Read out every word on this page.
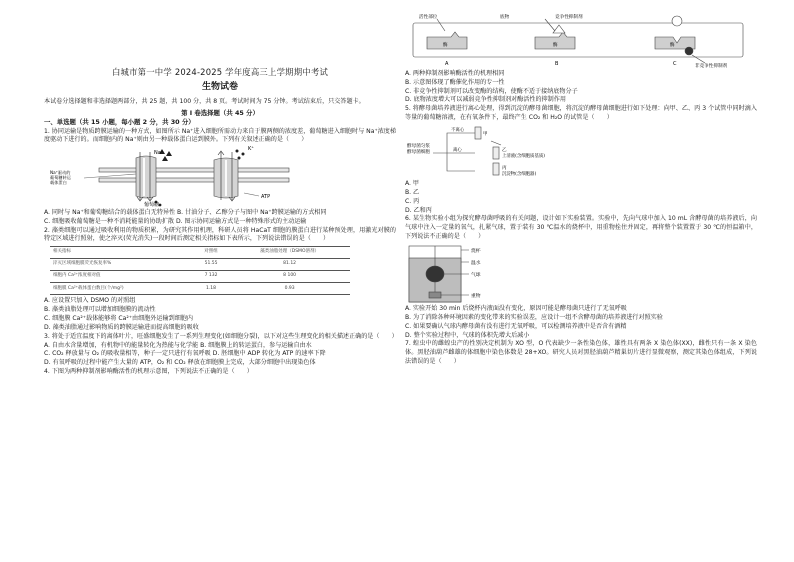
白城市第一中学 2024-2025 学年度高三上学期期中考试
生物试卷
本试卷分选择题和非选择题两部分，共 25 题，共 100 分，共 8 页。考试时间为 75 分钟。考试结束后，只交答题卡。
第 I 卷选择题（共 45 分）
一、单选题（共 15 小题，每小题 2 分，共 30 分）
1. 协同运输是物质跨膜运输的一种方式，如图所示 Na⁺进入细胞所需动力来自于膜两侧的浓度差，葡萄糖进入细胞时与 Na⁺浓度梯度驱动下进行的。而细胞内的 Na⁺则由另一种载体蛋白运到膜外。下列有关叙述正确的是（　　）
Na⁺
葡萄糖
Na⁺驱动的葡萄糖转运载体蛋白
K⁺
ATP
A. 同时与 Na⁺和葡萄糖结合的载体蛋白无特异性 B. 甘油分子、乙醇分子与图中 Na⁺跨膜运输的方式相同
C. 细胞吸收葡萄糖是一种不消耗能量的协助扩散 D. 图示协同运输方式是一种特殊形式的主动运输
2. 藻类细胞可以通过吸收利用的物质积累，为研究其作用机理，科研人员将 HaCaT 细胞的膜蛋白进行某种预处理，用激光对膜的特定区域进行照射，使之淬灭(荧光消失)一段时间后测定相关指标如下表所示，下列说法错误的是（　　）
相关指标	对照组	藻类油脂处理（DSMO溶剂）
淬灭区域细胞膜荧光恢复率%	51.55	81.12
细胞内 Ca²⁺浓度相对值	7 132	8 100
细胞膜 Ca²⁺载体蛋白数目(个/mg²)	1.18	0.93
A. 应设置只加入 DSMO 的对照组
B. 藻类油脂处理可以增加细胞膜的流动性
C. 细胞膜 Ca²⁺载体能够将 Ca²⁺由细胞外运输到细胞内
D. 藻类油脂通过影响物质的跨膜运输进而提高细胞的吸收
3. 将处于适宜温度下的离体叶片，旺盛细胞发生了一系列生理变化(如细胞分裂)，以下对这些生理变化的相关描述正确的是（　　）
A. 自由水含量增加，有机物中的能量转化为热能与化学能 B. 细胞膜上的转运蛋白，参与运输自由水
C. CO₂ 释放量与 O₂ 的吸收量相等，种子一定只进行有氧呼吸 D. 胚细胞中 ADP 转化为 ATP 的速率下降
D. 有氧呼吸的过程中能产生大量的 ATP，O₂ 和 CO₂ 释放在细胞膜上完成，大部分细胞中出现染色体
4. 下图为两种抑制剂影响酶活性的机理示意图，下列说法不正确的是（　　）
活性部位	底物	竞争性抑制剂
非竞争性抑制剂
酶	酶	酶
A	B	C
A. 两种抑制剂影响酶活性的机理相同
B. 示意图体现了酶催化作用的专一性
C. 非竞争性抑制剂可以改变酶的结构，使酶不适于接纳底物分子
D. 底物浓度增大可以减弱竞争性抑制剂对酶活性的抑制作用
5. 将酵母菌培养液进行离心处理，得到沉淀的酵母菌细胞，将沉淀的酵母菌细胞进行如下处理：向甲、乙、丙 3 个试管中同时滴入等量的葡萄糖溶液，在有氧条件下，最终产生 CO₂ 和 H₂O 的试管是（　　）
酵母菌匀浆
酵母菌细胞
不离心
甲
离心	乙
上清液(含细胞质基质)
丙
沉淀物(含细胞器)
A. 甲
B. 乙
C. 丙
D. 乙和丙
6. 某生物实验小组为探究酵母菌呼吸的有关问题，设计如下实验装置。实验中，先向气球中加入 10 mL 含酵母菌的培养液后，向气球中注入一定量的氧气，扎紧气球，置于装有 30 ℃温水的烧杯中，用重物拴住并固定，再将整个装置置于 30 ℃的恒温箱中，下列说法不正确的是（　　）
烧杯
温水
气球
重物
A. 实验开始 30 min 后烧杯内液面没有变化，原因可能是酵母菌只进行了无氧呼吸
B. 为了消除各种环境因素的变化带来的实验误差，应设计一组不含酵母菌的培养液进行对照实验
C. 如果要确认气球内酵母菌有没有进行无氧呼吸，可以检测培养液中是否含有酒精
D. 整个实验过程中，气球的体积先增大后减小
7. 蝗虫中的雌蝗虫产的性别决定机制为 XO 型，O 代表缺少一条性染色体，雄性具有两条 X 染色体(XX)，雌性只有一条 X 染色体。黑胫油葫芦雌雄的体细胞中染色体数是 28+XO。研究人员对黑胫油葫芦精巢切片进行显微观察，测定其染色体组成，下列说法错误的是（　　）
